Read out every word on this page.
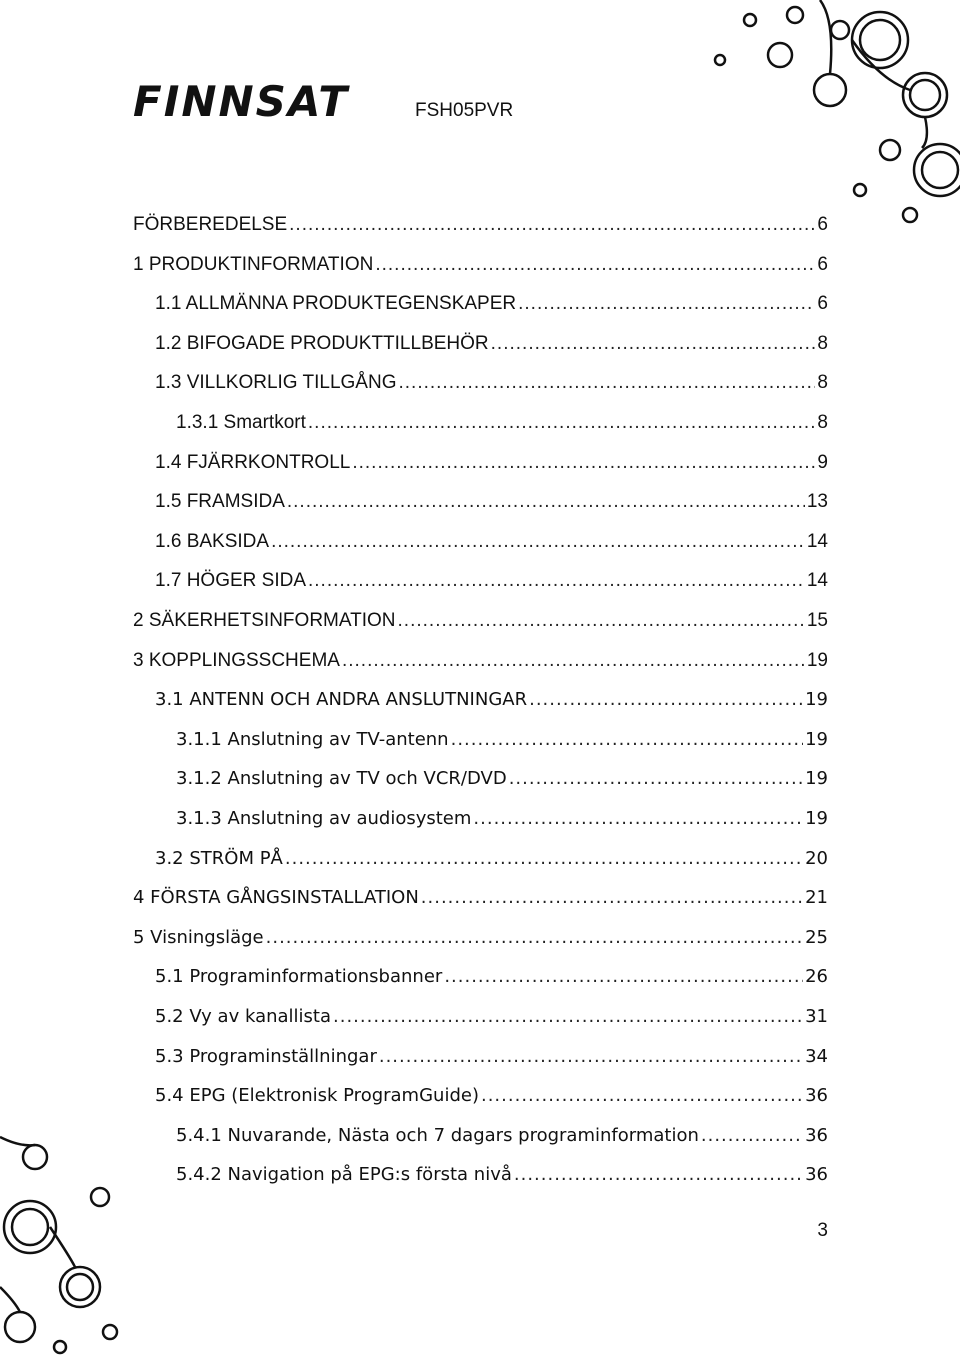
FINNSAT	FSH05PVR
FÖRBEREDELSE .....	6
1 PRODUKTINFORMATION .....	6
1.1 ALLMÄNNA PRODUKTEGENSKAPER .....	6
1.2 BIFOGADE PRODUKTTILLBEHÖR .....	8
1.3 VILLKORLIG TILLGÅNG .....	8
1.3.1 Smartkort .....	8
1.4 FJÄRRKONTROLL .....	9
1.5 FRAMSIDA .....	13
1.6 BAKSIDA .....	14
1.7 HÖGER SIDA .....	14
2 SÄKERHETSINFORMATION .....	15
3 KOPPLINGSSCHEMA .....	19
3.1 ANTENN OCH ANDRA ANSLUTNINGAR .....	19
3.1.1 Anslutning av TV-antenn .....	19
3.1.2 Anslutning av TV och VCR/DVD .....	19
3.1.3 Anslutning av audiosystem .....	19
3.2 STRÖM PÅ .....	20
4 FÖRSTA GÅNGSINSTALLATION .....	21
5 Visningsläge .....	25
5.1 Programinformationsbanner .....	26
5.2 Vy av kanallista .....	31
5.3 Programinställningar .....	34
5.4 EPG (Elektronisk ProgramGuide) .....	36
5.4.1 Nuvarande, Nästa och 7 dagars programinformation .....	36
5.4.2 Navigation på EPG:s första nivå .....	36
3
